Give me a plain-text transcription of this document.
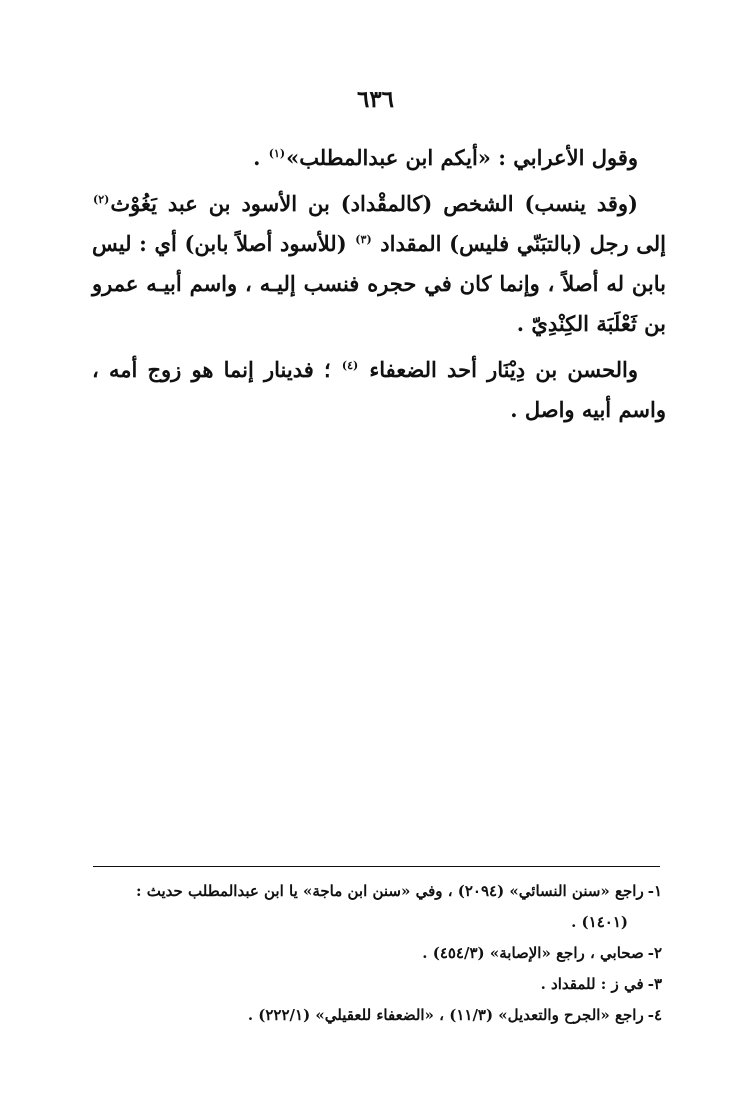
٦٣٦

وقول الأعرابي : «أيكم ابن عبدالمطلب»$^{(١)}$ .

(وقد ينسب) الشخص (كالمقْداد) بن الأسود بن عبد يَغُوْث$^{(٢)}$ إلى رجل (بالتبَنّي فليس) المقداد $^{(٣)}$ (للأسود أصلاً بابن) أي : ليس بابن له أصلاً ، وإنما كان في حجره فنسب إليـه ، واسم أبيـه عمرو بن ثَعْلَبَة الكِنْدِيّ .

والحسن بن دِيْنَار أحد الضعفاء $^{(٤)}$ ؛ فدينار إنما هو زوج أمه ، واسم أبيه واصل .

١-راجع «سنن النسائي» (٢٠٩٤) ، وفي «سنن ابن ماجة» يا ابن عبدالمطلب حديث :

(١٤٠١) .

٢-صحابي ، راجع «الإصابة» (٤٥٤/٣) .

٣-في ز : للمقداد .

٤-راجع «الجرح والتعديل» (١١/٣) ، «الضعفاء للعقيلي» (٢٢٢/١) .
